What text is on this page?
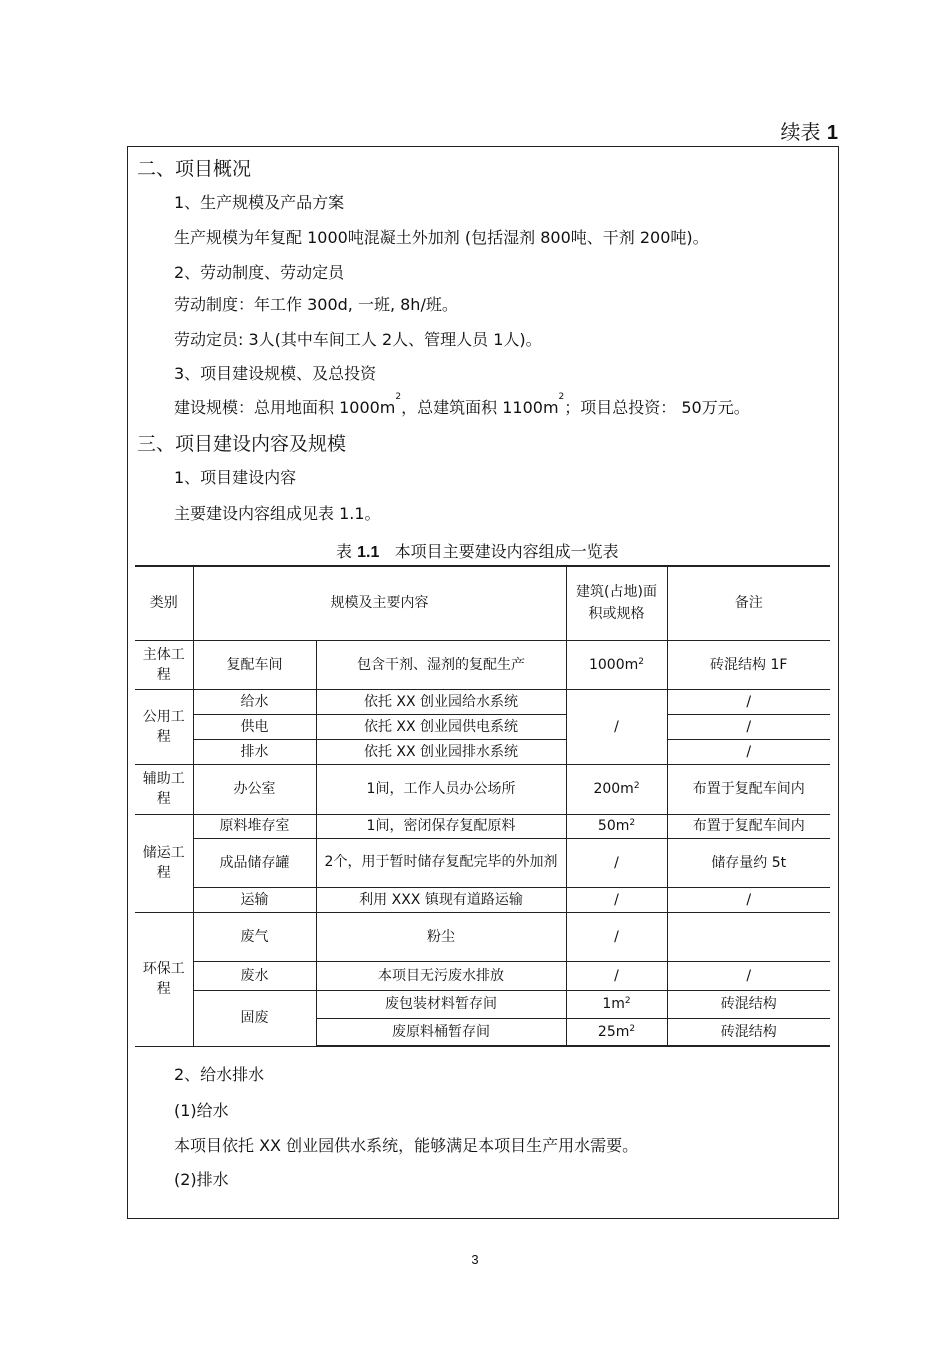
续表 1
二、项目概况
1、生产规模及产品方案
生产规模为年复配 1000吨混凝土外加剂 (包括湿剂 800吨、干剂 200吨)。
2、劳动制度、劳动定员
劳动制度：年工作 300d, 一班, 8h/班。
劳动定员: 3人(其中车间工人 2人、管理人员 1人)。
3、项目建设规模、及总投资
建设规模：总用地面积 $1000m^2$，总建筑面积 $1100m^2$；项目总投资： 50万元。
三、项目建设内容及规模
1、项目建设内容
主要建设内容组成见表 1.1。
表 1.1 本项目主要建设内容组成一览表
类别	规模及主要内容		建筑(占地)面积或规格	备注
主体工程	复配车间	包含干剂、湿剂的复配生产	$1000m^2$	砖混结构 1F
公用工程	给水	依托 XX 创业园给水系统	/	/
	供电	依托 XX 创业园供电系统		/
	排水	依托 XX 创业园排水系统		/
辅助工程	办公室	1间，工作人员办公场所	$200m^2$	布置于复配车间内
储运工程	原料堆存室	1间，密闭保存复配原料	$50m^2$	布置于复配车间内
	成品储存罐	2个，用于暂时储存复配完毕的外加剂	/	储存量约 5t
	运输	利用 XXX 镇现有道路运输	/	/
环保工程	废气	粉尘	/	
	废水	本项目无污废水排放	/	/
	固废	废包装材料暂存间	$1m^2$	砖混结构
		废原料桶暂存间	$25m^2$	砖混结构
2、给水排水
(1)给水
本项目依托 XX 创业园供水系统，能够满足本项目生产用水需要。
(2)排水
3
